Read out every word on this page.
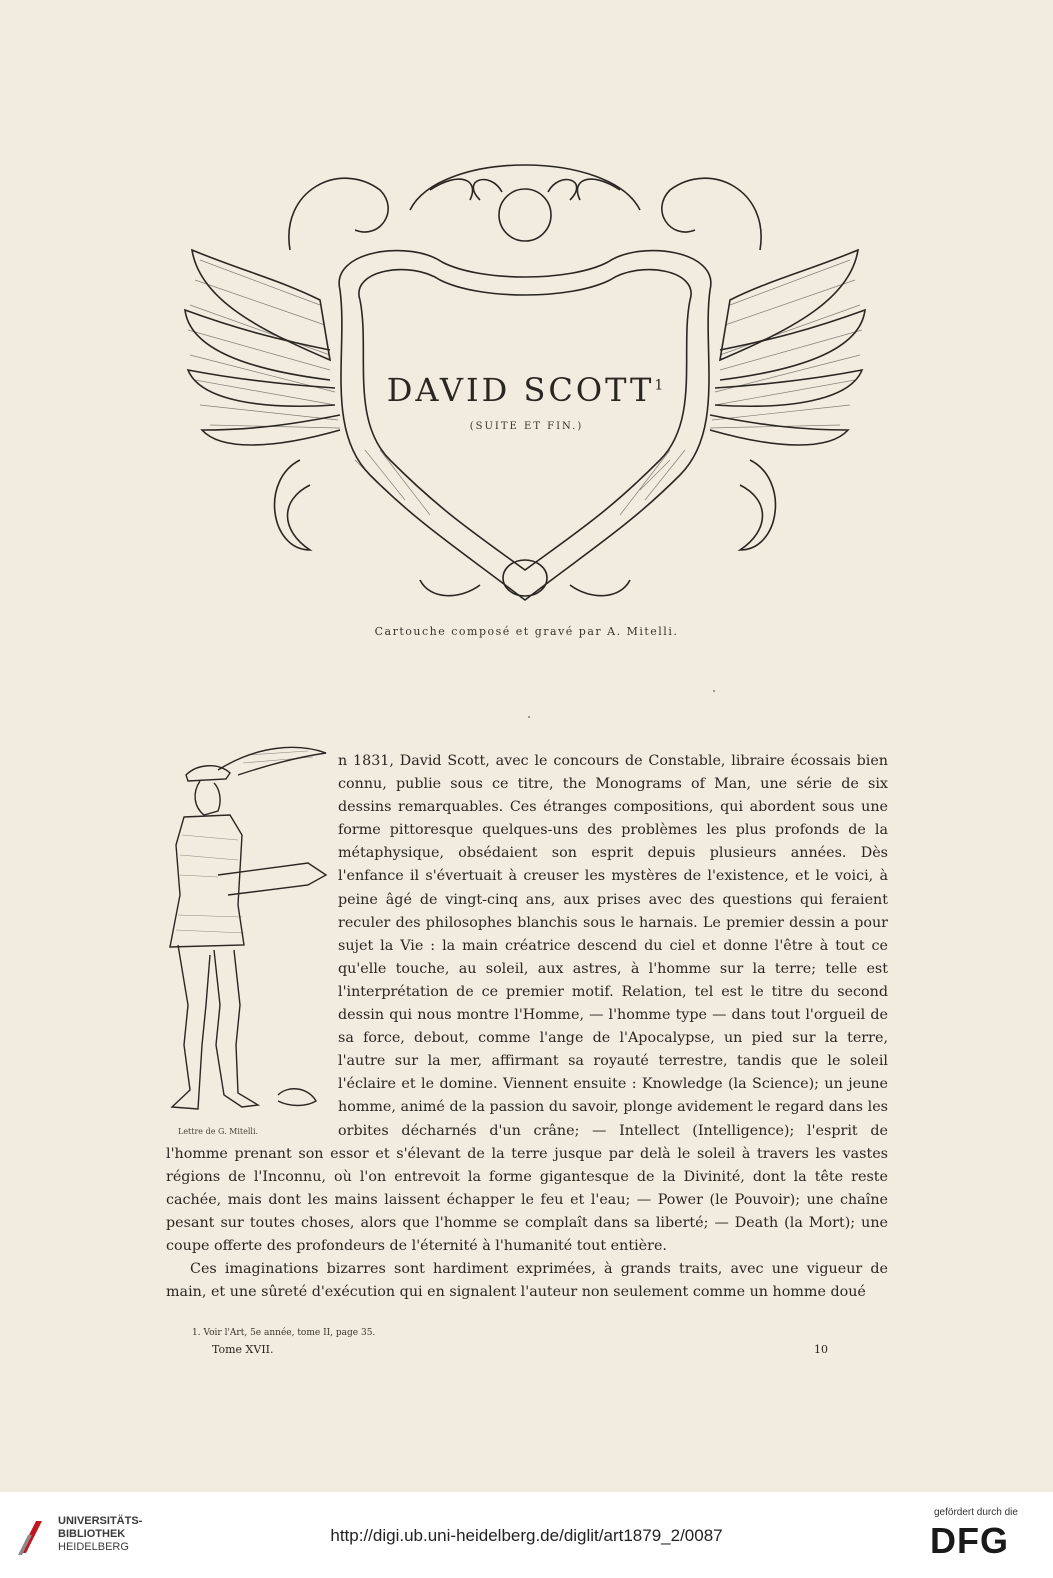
DAVID SCOTT$^1$
(SUITE ET FIN.)
Cartouche composé et gravé par A. Mitelli.
Lettre de G. Mitelli.

n 1831, David Scott, avec le concours de Constable, libraire écossais bien connu, publie sous ce titre, the Monograms of Man, une série de six dessins remarquables. Ces étranges compositions, qui abordent sous une forme pittoresque quelques-uns des problèmes les plus profonds de la métaphysique, obsédaient son esprit depuis plusieurs années. Dès l'enfance il s'évertuait à creuser les mystères de l'existence, et le voici, à peine âgé de vingt-cinq ans, aux prises avec des questions qui feraient reculer des philosophes blanchis sous le harnais. Le premier dessin a pour sujet la Vie : la main créatrice descend du ciel et donne l'être à tout ce qu'elle touche, au soleil, aux astres, à l'homme sur la terre; telle est l'interprétation de ce premier motif. Relation, tel est le titre du second dessin qui nous montre l'Homme, — l'homme type — dans tout l'orgueil de sa force, debout, comme l'ange de l'Apocalypse, un pied sur la terre, l'autre sur la mer, affirmant sa royauté terrestre, tandis que le soleil l'éclaire et le domine. Viennent ensuite : Knowledge (la Science); un jeune homme, animé de la passion du savoir, plonge avidement le regard dans les orbites décharnés d'un crâne; — Intellect (Intelligence); l'esprit de l'homme prenant son essor et s'élevant de la terre jusque par delà le soleil à travers les vastes régions de l'Inconnu, où l'on entrevoit la forme gigantesque de la Divinité, dont la tête reste cachée, mais dont les mains laissent échapper le feu et l'eau; — Power (le Pouvoir); une chaîne pesant sur toutes choses, alors que l'homme se complaît dans sa liberté; — Death (la Mort); une coupe offerte des profondeurs de l'éternité à l'humanité tout entière.

Ces imaginations bizarres sont hardiment exprimées, à grands traits, avec une vigueur de main, et une sûreté d'exécution qui en signalent l'auteur non seulement comme un homme doué

1. Voir l'Art, 5e année, tome II, page 35.
Tome XVII.	10
UNIVERSITÄTS-
BIBLIOTHEK
HEIDELBERG
http://digi.ub.uni-heidelberg.de/diglit/art1879_2/0087
gefördert durch die
DFG
